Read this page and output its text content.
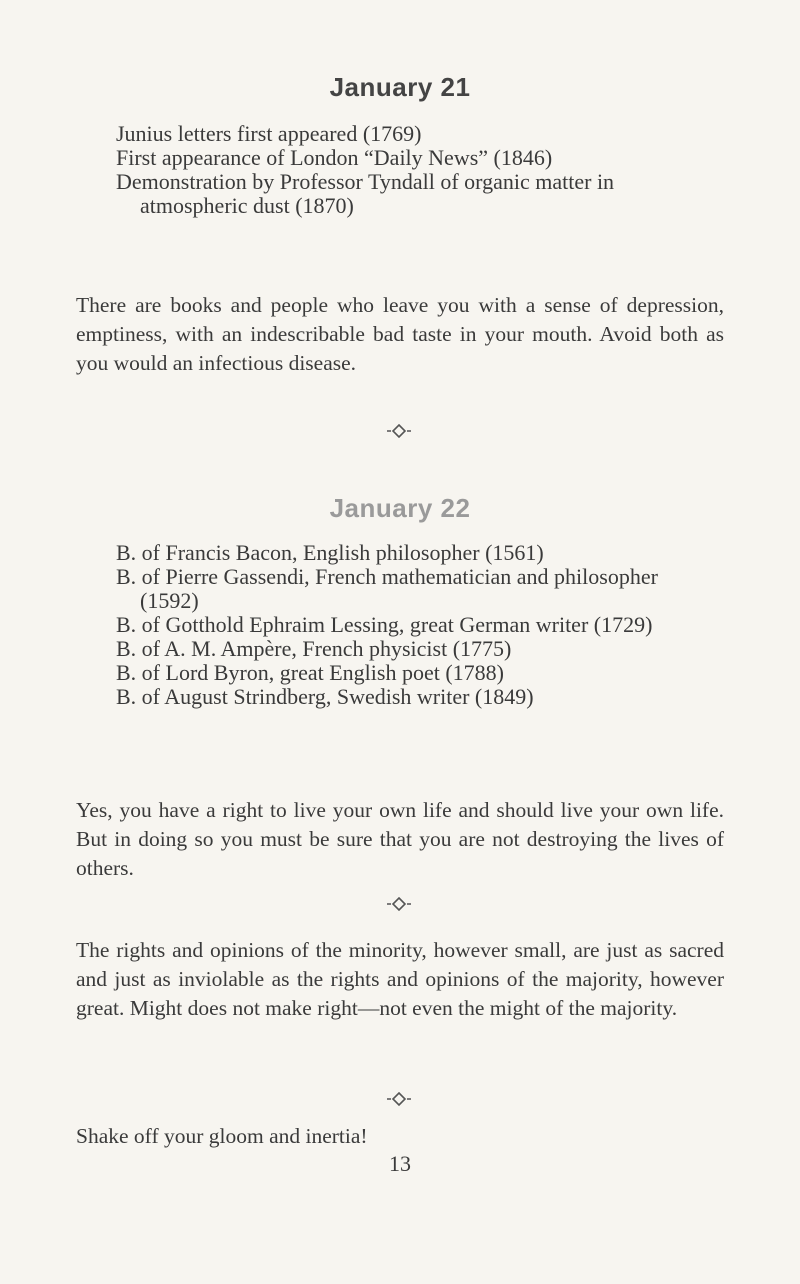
January 21
Junius letters first appeared (1769)
First appearance of London “Daily News” (1846)
Demonstration by Professor Tyndall of organic matter in atmospheric dust (1870)

There are books and people who leave you with a sense of depression, emptiness, with an indescribable bad taste in your mouth. Avoid both as you would an infectious disease.

January 22
B. of Francis Bacon, English philosopher (1561)
B. of Pierre Gassendi, French mathematician and philosopher (1592)
B. of Gotthold Ephraim Lessing, great German writer (1729)
B. of A. M. Ampère, French physicist (1775)
B. of Lord Byron, great English poet (1788)
B. of August Strindberg, Swedish writer (1849)

Yes, you have a right to live your own life and should live your own life. But in doing so you must be sure that you are not destroying the lives of others.

The rights and opinions of the minority, however small, are just as sacred and just as inviolable as the rights and opinions of the majority, however great. Might does not make right—not even the might of the majority.

Shake off your gloom and inertia!

13
